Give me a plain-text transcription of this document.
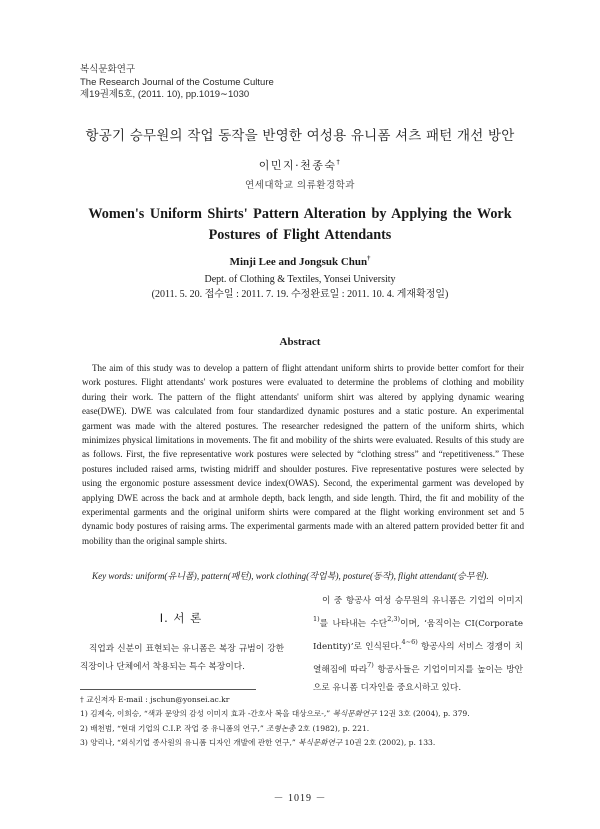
복식문화연구
The Research Journal of the Costume Culture
제19권제5호, (2011. 10), pp.1019∼1030
항공기 승무원의 작업 동작을 반영한 여성용 유니폼 셔츠 패턴 개선 방안
이민지·천종숙†
연세대학교 의류환경학과
Women's Uniform Shirts' Pattern Alteration by Applying the Work
Postures of Flight Attendants
Minji Lee and Jongsuk Chun†
Dept. of Clothing & Textiles, Yonsei University
(2011. 5. 20. 접수일 : 2011. 7. 19. 수정완료일 : 2011. 10. 4. 게재확정일)
Abstract

The aim of this study was to develop a pattern of flight attendant uniform shirts to provide better comfort for their work postures. Flight attendants' work postures were evaluated to determine the problems of clothing and mobility during their work. The pattern of the flight attendants' uniform shirt was altered by applying dynamic wearing ease(DWE). DWE was calculated from four standardized dynamic postures and a static posture. An experimental garment was made with the altered postures. The researcher redesigned the pattern of the uniform shirts, which minimizes physical limitations in movements. The fit and mobility of the shirts were evaluated. Results of this study are as follows. First, the five representative work postures were selected by “clothing stress” and “repetitiveness.” These postures included raised arms, twisting midriff and shoulder postures. Five representative postures were selected by using the ergonomic posture assessment device index(OWAS). Second, the experimental garment was developed by applying DWE across the back and at armhole depth, back length, and side length. Third, the fit and mobility of the experimental garments and the original uniform shirts were compared at the flight working environment set and 5 dynamic body postures of raising arms. The experimental garments made with an altered pattern provided better fit and mobility than the original sample shirts.

Key words: uniform(유니폼), pattern(패턴), work clothing(작업복), posture(동작), flight attendant(승무원).
Ⅰ. 서 론

직업과 신분이 표현되는 유니폼은 복장 규범이 강한 직장이나 단체에서 착용되는 특수 복장이다.

이 중 항공사 여성 승무원의 유니폼은 기업의 이미지$^{1)}$를 나타내는 수단$^{2,3)}$이며, ‘움직이는 CI(Corporate Identity)’로 인식된다.$^{4\sim 6)}$ 항공사의 서비스 경쟁이 치열해짐에 따라$^{7)}$ 항공사들은 기업이미지를 높이는 방안으로 유니폼 디자인을 중요시하고 있다.

† 교신저자 E-mail : jschun@yonsei.ac.kr
1) 김제숙, 이희승, “색과 문양의 감성 이미지 효과 -간호사 복을 대상으로-,” 복식문화연구 12권 3호 (2004), p. 379.
2) 배천범, “현대 기업의 C.I.P. 작업 중 유니폼의 연구,” 조형논총 2호 (1982), p. 221.
3) 양리나, “외식기업 종사원의 유니폼 디자인 개발에 관한 연구,” 복식문화연구 10권 2호 (2002), p. 133.
－ 1019 －
